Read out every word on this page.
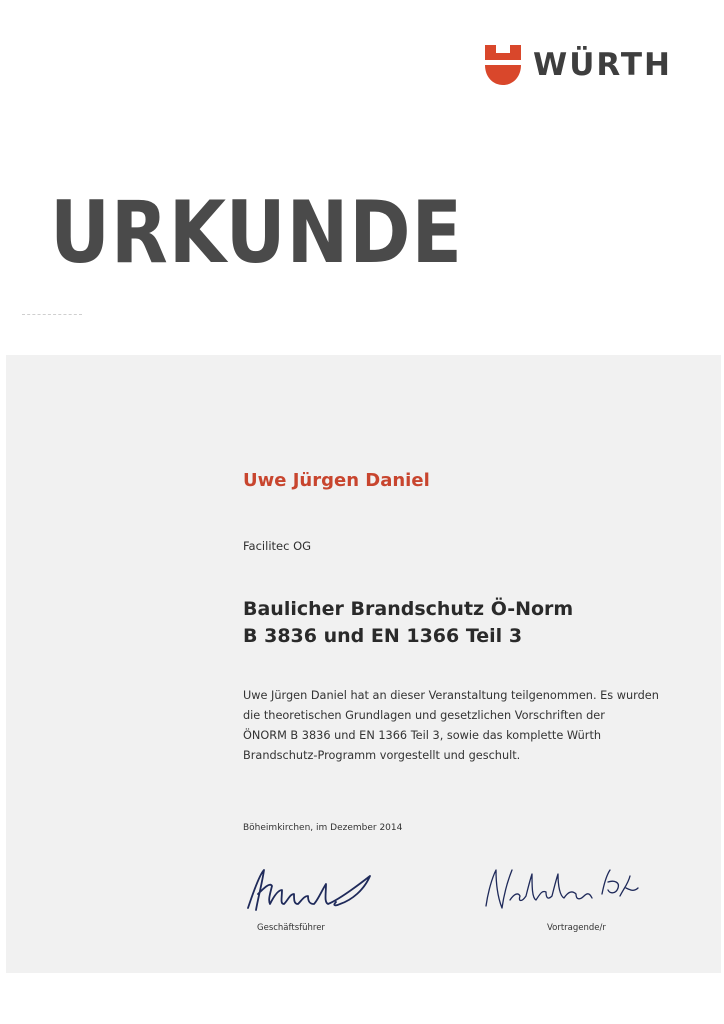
WÜRTH
URKUNDE
Uwe Jürgen Daniel
Facilitec OG
Baulicher Brandschutz Ö-Norm
B 3836 und EN 1366 Teil 3

Uwe Jürgen Daniel hat an dieser Veranstaltung teilgenommen. Es wurden

die theoretischen Grundlagen und gesetzlichen Vorschriften der

ÖNORM B 3836 und EN 1366 Teil 3, sowie das komplette Würth

Brandschutz-Programm vorgestellt und geschult.

Böheimkirchen, im Dezember 2014
Geschäftsführer	Vortragende/r
